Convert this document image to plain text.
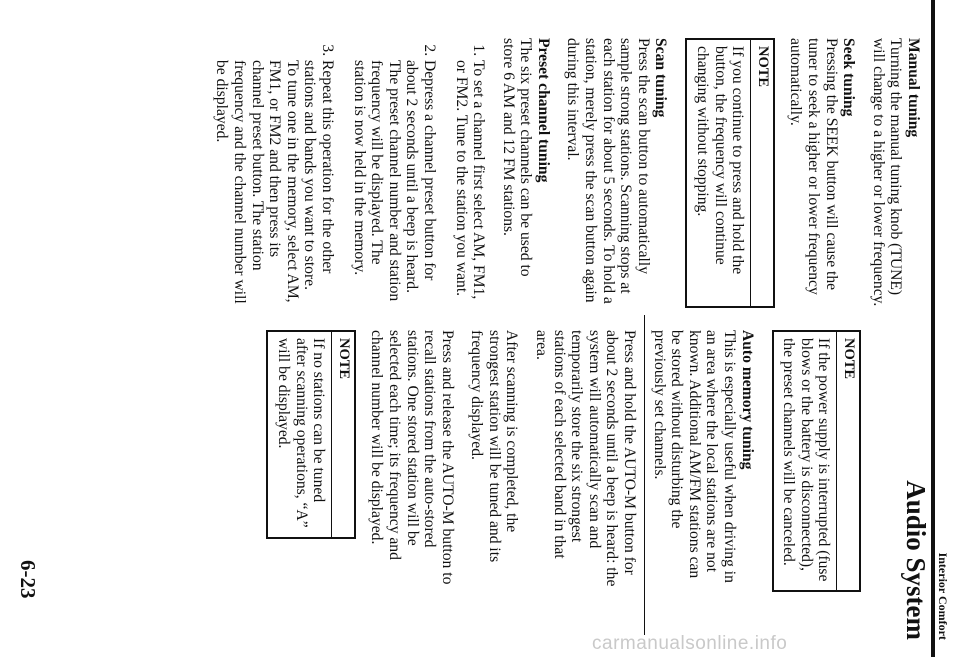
Interior Comfort
Audio System

Manual tuning
Turning the manual tuning knob (TUNE) will change to a higher or lower frequency.

Seek tuning
Pressing the SEEK button will cause the tuner to seek a higher or lower frequency automatically.

NOTE
If you continue to press and hold the button, the frequency will continue changing without stopping.

Scan tuning
Press the scan button to automatically sample strong stations. Scanning stops at each station for about 5 seconds. To hold a station, merely press the scan button again during this interval.

Preset channel tuning
The six preset channels can be used to store 6 AM and 12 FM stations.

1. To set a channel first select AM, FM1, or FM2. Tune to the station you want.
2. Depress a channel preset button for about 2 seconds until a beep is heard. The preset channel number and station frequency will be displayed. The station is now held in the memory.
3. Repeat this operation for the other stations and bands you want to store. To tune one in the memory, select AM, FM1, or FM2 and then press its channel preset button. The station frequency and the channel number will be displayed.
NOTE
If the power supply is interrupted (fuse blows or the battery is disconnected), the preset channels will be canceled.

Auto memory tuning
This is especially useful when driving in an area where the local stations are not known. Additional AM/FM stations can be stored without disturbing the previously set channels.

Press and hold the AUTO-M button for about 2 seconds until a beep is heard: the system will automatically scan and temporarily store the six strongest stations of each selected band in that area.

After scanning is completed, the strongest station will be tuned and its frequency displayed.

Press and release the AUTO-M button to recall stations from the auto-stored stations. One stored station will be selected each time; its frequency and channel number will be displayed.

NOTE
If no stations can be tuned after scanning operations, “A” will be displayed.
6-23
carmanualsonline.info
